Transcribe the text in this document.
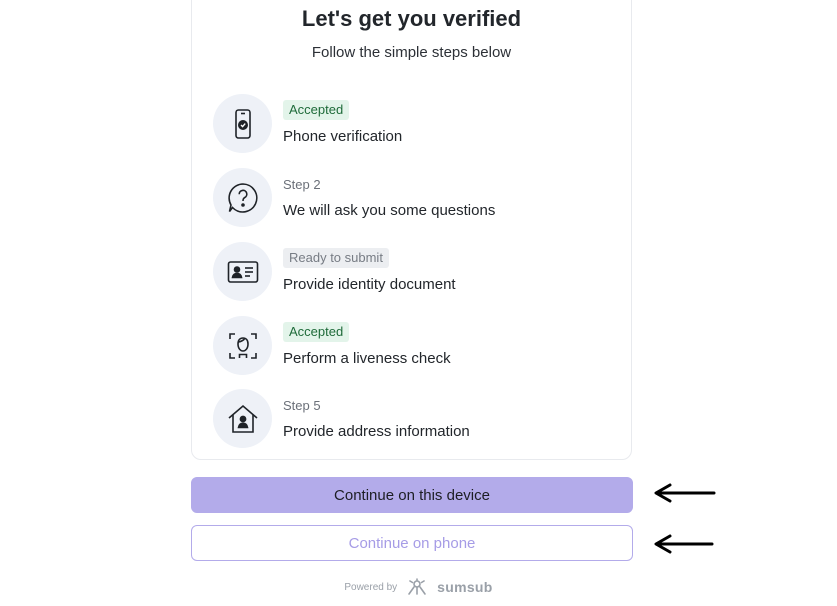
Let's get you verified
Follow the simple steps below
Accepted
Phone verification
Step 2
We will ask you some questions
Ready to submit
Provide identity document
Accepted
Perform a liveness check
Step 5
Provide address information
Continue on this device
Continue on phone
Powered by	sumsub
